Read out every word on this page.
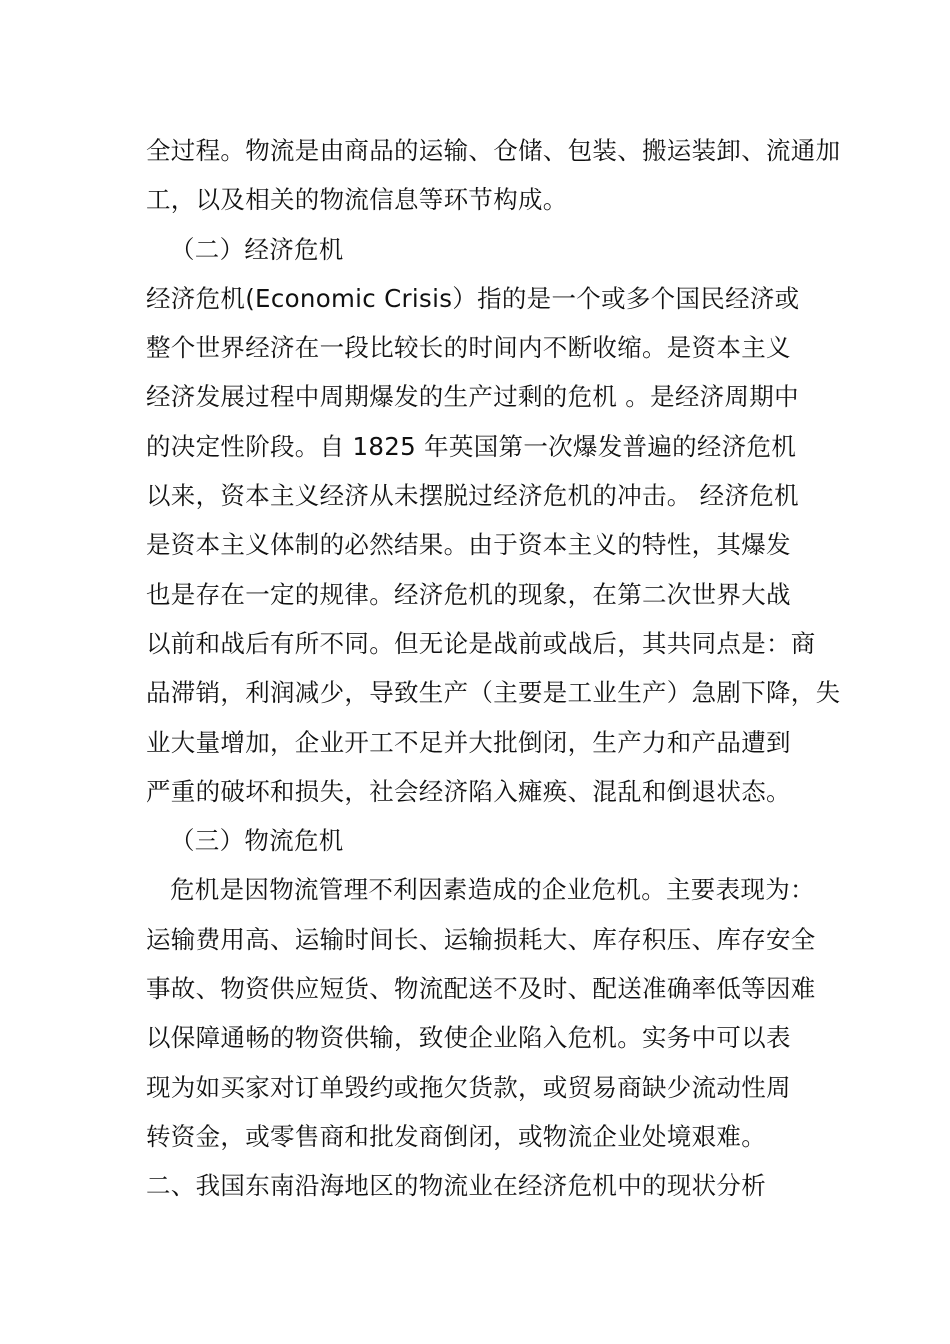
全过程。物流是由商品的运输、仓储、包装、搬运装卸、流通加
工，以及相关的物流信息等环节构成。
（二）经济危机
经济危机(Economic Crisis）指的是一个或多个国民经济或
整个世界经济在一段比较长的时间内不断收缩。是资本主义
经济发展过程中周期爆发的生产过剩的危机 。是经济周期中
的决定性阶段。自 1825 年英国第一次爆发普遍的经济危机
以来，资本主义经济从未摆脱过经济危机的冲击。 经济危机
是资本主义体制的必然结果。由于资本主义的特性，其爆发
也是存在一定的规律。经济危机的现象，在第二次世界大战
以前和战后有所不同。但无论是战前或战后，其共同点是：商
品滞销，利润减少，导致生产（主要是工业生产）急剧下降，失
业大量增加，企业开工不足并大批倒闭，生产力和产品遭到
严重的破坏和损失，社会经济陷入瘫痪、混乱和倒退状态。
（三）物流危机
危机是因物流管理不利因素造成的企业危机。主要表现为：
运输费用高、运输时间长、运输损耗大、库存积压、库存安全
事故、物资供应短货、物流配送不及时、配送准确率低等因难
以保障通畅的物资供输，致使企业陷入危机。实务中可以表
现为如买家对订单毁约或拖欠货款，或贸易商缺少流动性周
转资金，或零售商和批发商倒闭，或物流企业处境艰难。
二、我国东南沿海地区的物流业在经济危机中的现状分析
